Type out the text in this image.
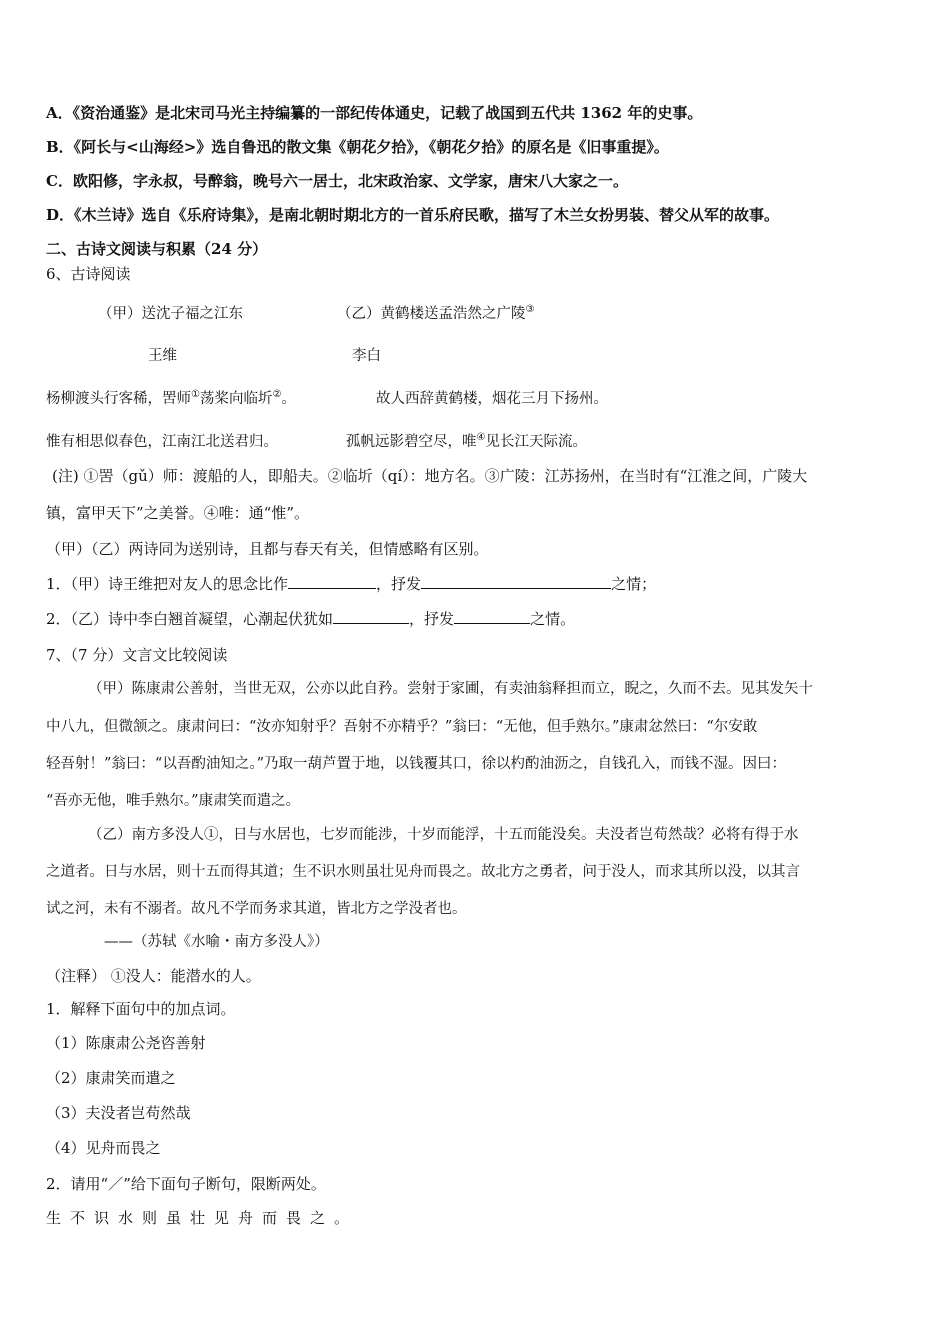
A．《资治通鉴》是北宋司马光主持编纂的一部纪传体通史，记载了战国到五代共 1362 年的史事。
B．《阿长与<山海经>》选自鲁迅的散文集《朝花夕拾》，《朝花夕拾》的原名是《旧事重提》。
C．欧阳修，字永叔，号醉翁，晚号六一居士，北宋政治家、文学家，唐宋八大家之一。
D．《木兰诗》选自《乐府诗集》，是南北朝时期北方的一首乐府民歌，描写了木兰女扮男装、替父从军的故事。
二、古诗文阅读与积累（24 分）
6、古诗阅读
（甲）送沈子福之江东	（乙）黄鹤楼送孟浩然之广陵③
王维	李白
杨柳渡头行客稀，罟师①荡桨向临圻②。	故人西辞黄鹤楼，烟花三月下扬州。
惟有相思似春色，江南江北送君归。	孤帆远影碧空尽，唯④见长江天际流。
(注) ①罟（gǔ）师：渡船的人，即船夫。②临圻（qí）：地方名。③广陵：江苏扬州，在当时有“江淮之间，广陵大
镇，富甲天下”之美誉。④唯：通“惟”。
（甲）（乙）两诗同为送别诗，且都与春天有关，但情感略有区别。
1．（甲）诗王维把对友人的思念比作	，抒发	之情；
2．（乙）诗中李白翘首凝望，心潮起伏犹如	，抒发	之情。
7、（7 分）文言文比较阅读
（甲）陈康肃公善射，当世无双，公亦以此自矜。尝射于家圃，有卖油翁释担而立，睨之，久而不去。见其发矢十
中八九，但微颔之。康肃问曰：“汝亦知射乎？吾射不亦精乎？”翁曰：“无他，但手熟尔。”康肃忿然曰：“尔安敢
轻吾射！”翁曰：“以吾酌油知之。”乃取一葫芦置于地，以钱覆其口，徐以杓酌油沥之，自钱孔入，而钱不湿。因曰：
“吾亦无他，唯手熟尔。”康肃笑而遣之。
（乙）南方多没人①，日与水居也，七岁而能涉，十岁而能浮，十五而能没矣。夫没者岂苟然哉？必将有得于水
之道者。日与水居，则十五而得其道；生不识水则虽壮见舟而畏之。故北方之勇者，问于没人，而求其所以没，以其言
试之河，未有不溺者。故凡不学而务求其道，皆北方之学没者也。
——（苏轼《水喻・南方多没人》）
（注释） ①没人：能潜水的人。
1．解释下面句中的加点词。
（1）陈康肃公尧咨善射
（2）康肃笑而遣之
（3）夫没者岂苟然哉
（4）见舟而畏之
2．请用“／”给下面句子断句，限断两处。
生不识水则虽壮见舟而畏之。
